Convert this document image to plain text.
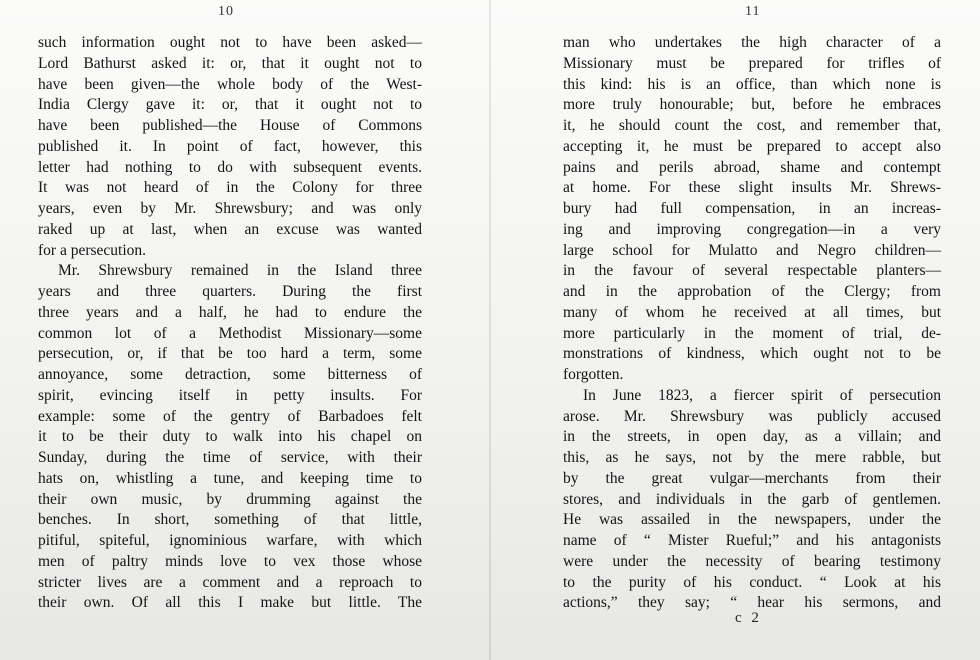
10
such information ought not to have been asked—
Lord Bathurst asked it: or, that it ought not to
have been given—the whole body of the West-
India Clergy gave it: or, that it ought not to
have been published—the House of Commons
published it. In point of fact, however, this
letter had nothing to do with subsequent events.
It was not heard of in the Colony for three
years, even by Mr. Shrewsbury; and was only
raked up at last, when an excuse was wanted
for a persecution.
Mr. Shrewsbury remained in the Island three
years and three quarters. During the first
three years and a half, he had to endure the
common lot of a Methodist Missionary—some
persecution, or, if that be too hard a term, some
annoyance, some detraction, some bitterness of
spirit, evincing itself in petty insults. For
example: some of the gentry of Barbadoes felt
it to be their duty to walk into his chapel on
Sunday, during the time of service, with their
hats on, whistling a tune, and keeping time to
their own music, by drumming against the
benches. In short, something of that little,
pitiful, spiteful, ignominious warfare, with which
men of paltry minds love to vex those whose
stricter lives are a comment and a reproach to
their own. Of all this I make but little. The
11
man who undertakes the high character of a
Missionary must be prepared for trifles of
this kind: his is an office, than which none is
more truly honourable; but, before he embraces
it, he should count the cost, and remember that,
accepting it, he must be prepared to accept also
pains and perils abroad, shame and contempt
at home. For these slight insults Mr. Shrews-
bury had full compensation, in an increas-
ing and improving congregation—in a very
large school for Mulatto and Negro children—
in the favour of several respectable planters—
and in the approbation of the Clergy; from
many of whom he received at all times, but
more particularly in the moment of trial, de-
monstrations of kindness, which ought not to be
forgotten.
In June 1823, a fiercer spirit of persecution
arose. Mr. Shrewsbury was publicly accused
in the streets, in open day, as a villain; and
this, as he says, not by the mere rabble, but
by the great vulgar—merchants from their
stores, and individuals in the garb of gentlemen.
He was assailed in the newspapers, under the
name of “ Mister Rueful;” and his antagonists
were under the necessity of bearing testimony
to the purity of his conduct. “ Look at his
actions,” they say; “ hear his sermons, and
c 2
